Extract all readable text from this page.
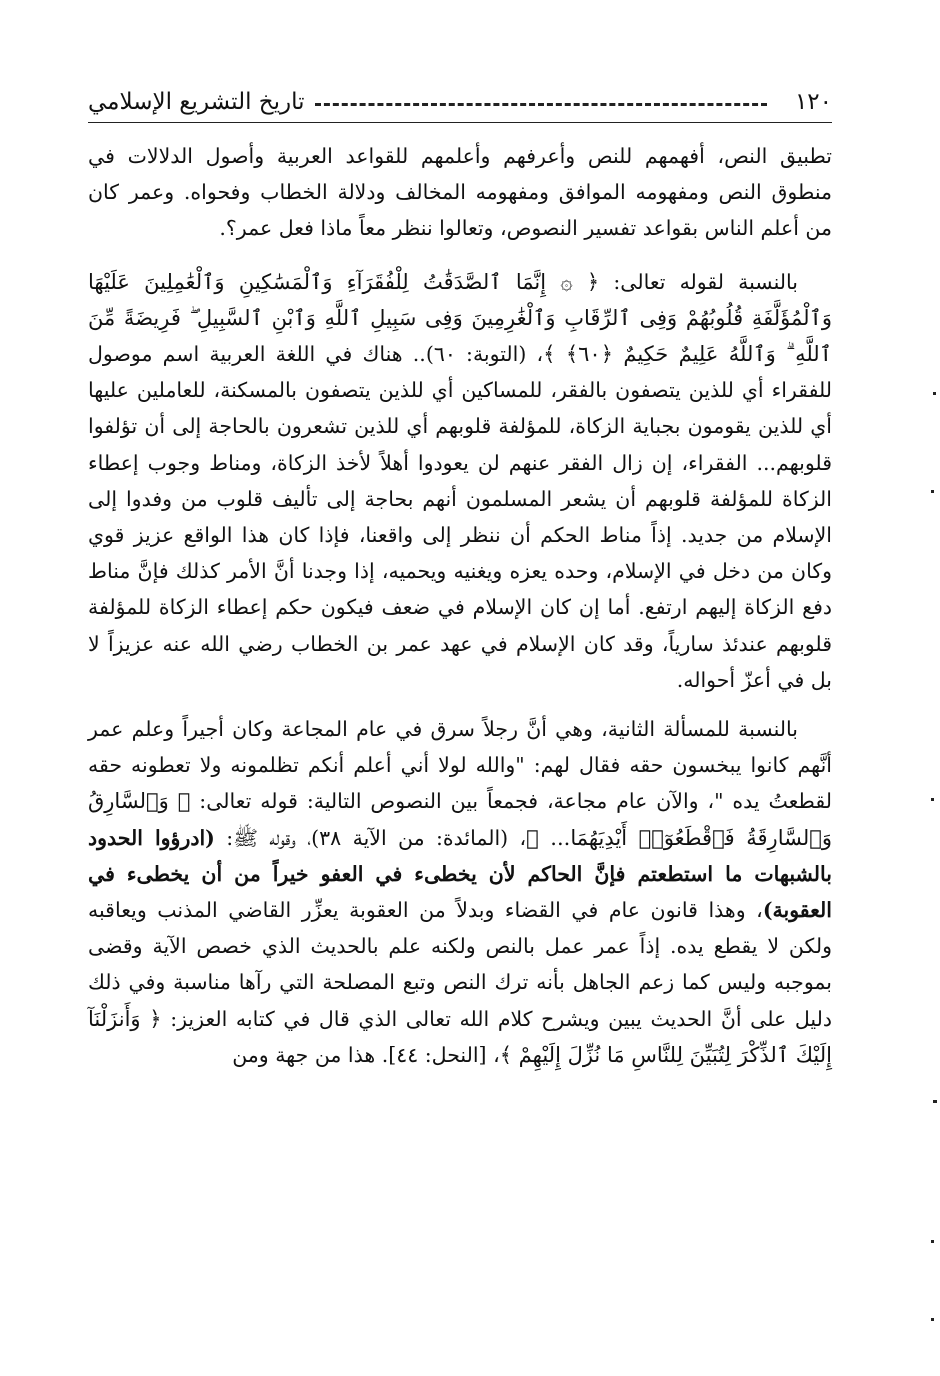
١٢٠
تاريخ التشريع الإسلامي

تطبيق النص، أفهمهم للنص وأعرفهم وأعلمهم للقواعد العربية وأصول الدلالات في منطوق النص ومفهومه الموافق ومفهومه المخالف ودلالة الخطاب وفحواه. وعمر كان من أعلم الناس بقواعد تفسير النصوص، وتعالوا ننظر معاً ماذا فعل عمر؟.

بالنسبة لقوله تعالى: ﴿ ۞ إِنَّمَا ٱلصَّدَقَٰتُ لِلْفُقَرَآءِ وَٱلْمَسَٰكِينِ وَٱلْعَٰمِلِينَ عَلَيْهَا وَٱلْمُؤَلَّفَةِ قُلُوبُهُمْ وَفِى ٱلرِّقَابِ وَٱلْغَٰرِمِينَ وَفِى سَبِيلِ ٱللَّهِ وَٱبْنِ ٱلسَّبِيلِ ۖ فَرِيضَةً مِّنَ ٱللَّهِ ۗ وَٱللَّهُ عَلِيمٌ حَكِيمٌ ﴿٦٠﴾ ﴾، (التوبة: ٦٠).. هناك في اللغة العربية اسم موصول للفقراء أي للذين يتصفون بالفقر، للمساكين أي للذين يتصفون بالمسكنة، للعاملين عليها أي للذين يقومون بجباية الزكاة، للمؤلفة قلوبهم أي للذين تشعرون بالحاجة إلى أن تؤلفوا قلوبهم... الفقراء، إن زال الفقر عنهم لن يعودوا أهلاً لأخذ الزكاة، ومناط وجوب إعطاء الزكاة للمؤلفة قلوبهم أن يشعر المسلمون أنهم بحاجة إلى تأليف قلوب من وفدوا إلى الإسلام من جديد. إذاً مناط الحكم أن ننظر إلى واقعنا، فإذا كان هذا الواقع عزيز قوي وكان من دخل في الإسلام، وحده يعزه ويغنيه ويحميه، إذا وجدنا أنَّ الأمر كذلك فإنَّ مناط دفع الزكاة إليهم ارتفع. أما إن كان الإسلام في ضعف فيكون حكم إعطاء الزكاة للمؤلفة قلوبهم عندئذ سارياً، وقد كان الإسلام في عهد عمر بن الخطاب رضي الله عنه عزيزاً لا بل في أعزّ أحواله.

بالنسبة للمسألة الثانية، وهي أنَّ رجلاً سرق في عام المجاعة وكان أجيراً وعلم عمر أنَّهم كانوا يبخسون حقه فقال لهم: "والله لولا أني أعلم أنكم تظلمونه ولا تعطونه حقه لقطعتُ يده "، والآن عام مجاعة، فجمعاً بين النصوص التالية: قوله تعالى: ﴿ وَٱلسَّارِقُ وَٱلسَّارِقَةُ فَٱقْطَعُوٓا۟ أَيْدِيَهُمَا... ﴾، (المائدة: من الآية ٣٨)، وقوله ﷺ: (ادرؤوا الحدود بالشبهات ما استطعتم فإنَّ الحاكم لأن يخطىء في العفو خيراً من أن يخطىء في العقوبة)، وهذا قانون عام في القضاء وبدلاً من العقوبة يعزِّر القاضي المذنب ويعاقبه ولكن لا يقطع يده. إذاً عمر عمل بالنص ولكنه علم بالحديث الذي خصص الآية وقضى بموجبه وليس كما زعم الجاهل بأنه ترك النص وتبع المصلحة التي رآها مناسبة وفي ذلك دليل على أنَّ الحديث يبين ويشرح كلام الله تعالى الذي قال في كتابه العزيز: ﴿ وَأَنزَلْنَآ إِلَيْكَ ٱلذِّكْرَ لِتُبَيِّنَ لِلنَّاسِ مَا نُزِّلَ إِلَيْهِمْ ﴾، [النحل: ٤٤]. هذا من جهة ومن
